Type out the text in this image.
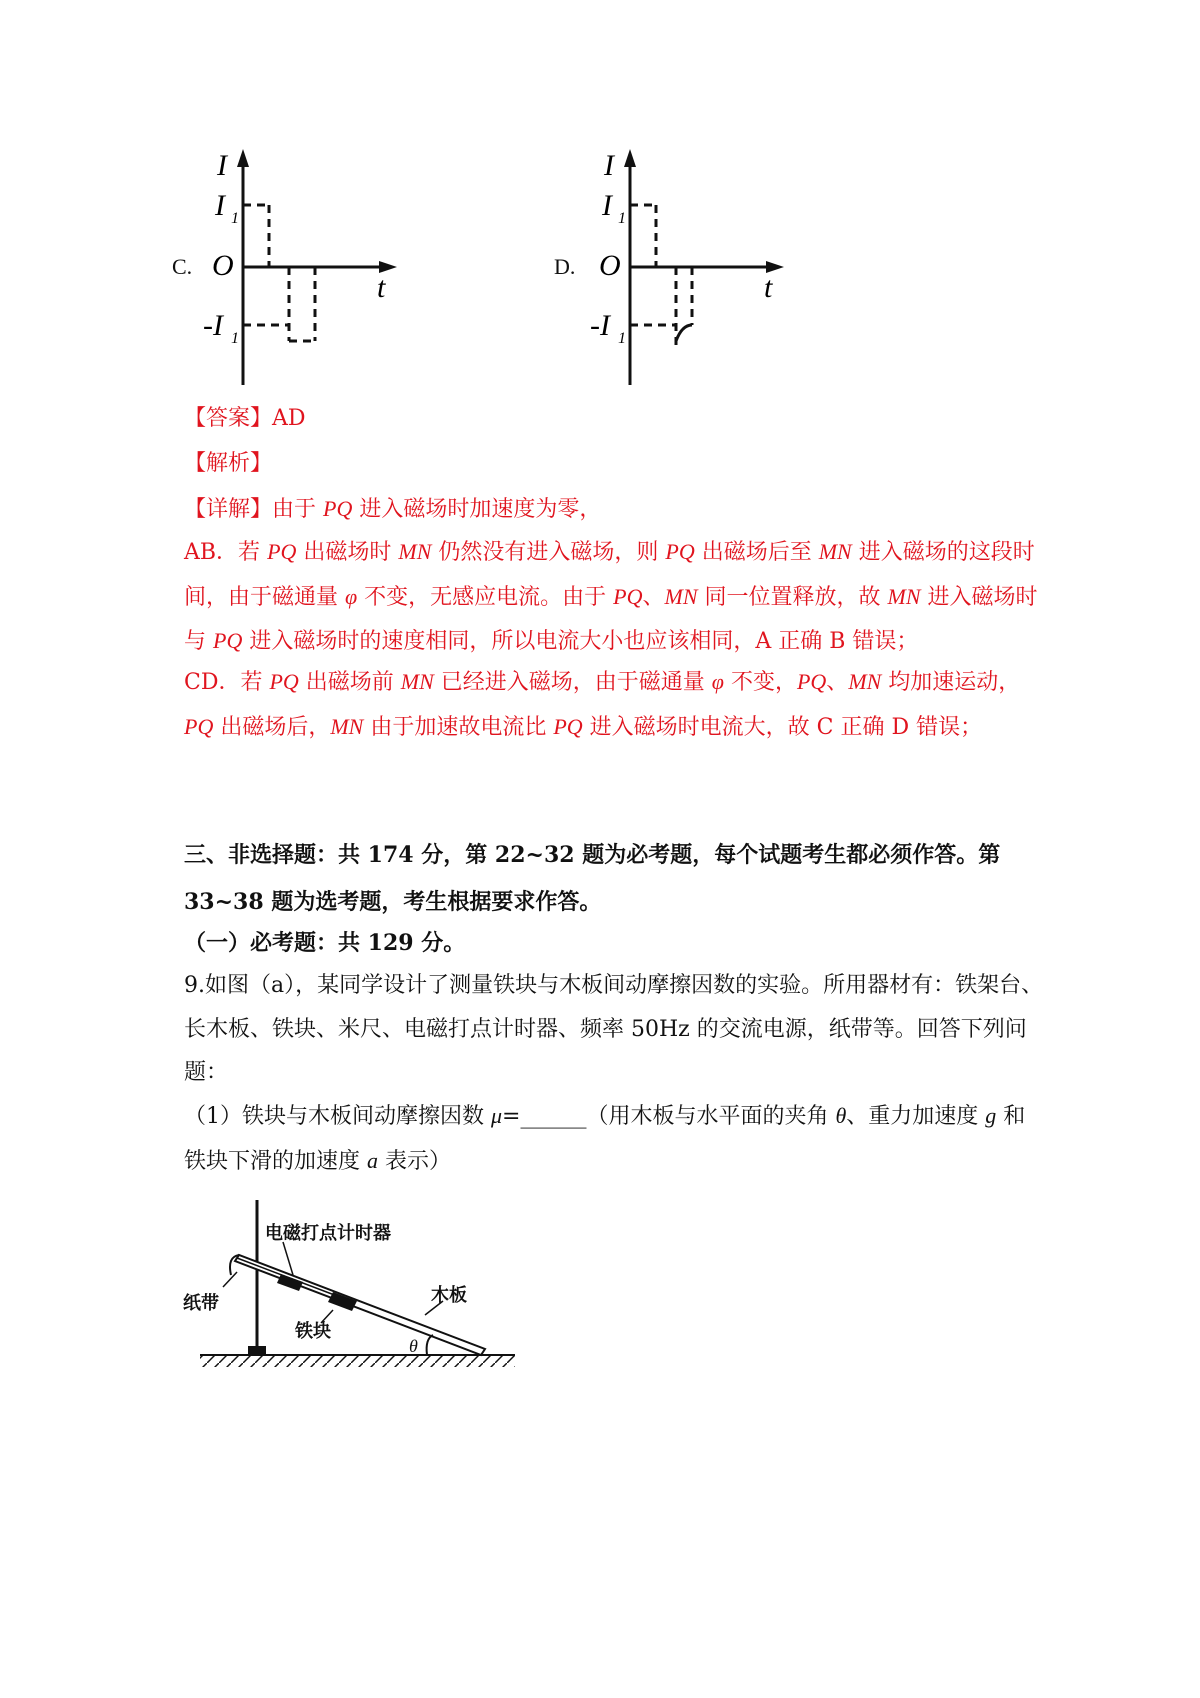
C.	D.
I
t
O
I 1
-I 1
I
t
O
I 1
-I 1
【答案】AD
【解析】
【详解】由于 PQ 进入磁场时加速度为零，
AB．若 PQ 出磁场时 MN 仍然没有进入磁场，则 PQ 出磁场后至 MN 进入磁场的这段时间，由于磁通量 φ 不变，无感应电流。由于 PQ、MN 同一位置释放，故 MN 进入磁场时与 PQ 进入磁场时的速度相同，所以电流大小也应该相同，A 正确 B 错误；
CD．若 PQ 出磁场前 MN 已经进入磁场，由于磁通量 φ 不变，PQ、MN 均加速运动，PQ 出磁场后，MN 由于加速故电流比 PQ 进入磁场时电流大，故 C 正确 D 错误；
三、非选择题：共 174 分，第 22~32 题为必考题，每个试题考生都必须作答。第 33~38 题为选考题，考生根据要求作答。
（一）必考题：共 129 分。
9.如图（a），某同学设计了测量铁块与木板间动摩擦因数的实验。所用器材有：铁架台、长木板、铁块、米尺、电磁打点计时器、频率 50Hz 的交流电源，纸带等。回答下列问题：
（1）铁块与木板间动摩擦因数 μ=______（用木板与水平面的夹角 θ、重力加速度 g 和铁块下滑的加速度 a 表示）
电磁打点计时器
纸带	木板
铁块
θ
